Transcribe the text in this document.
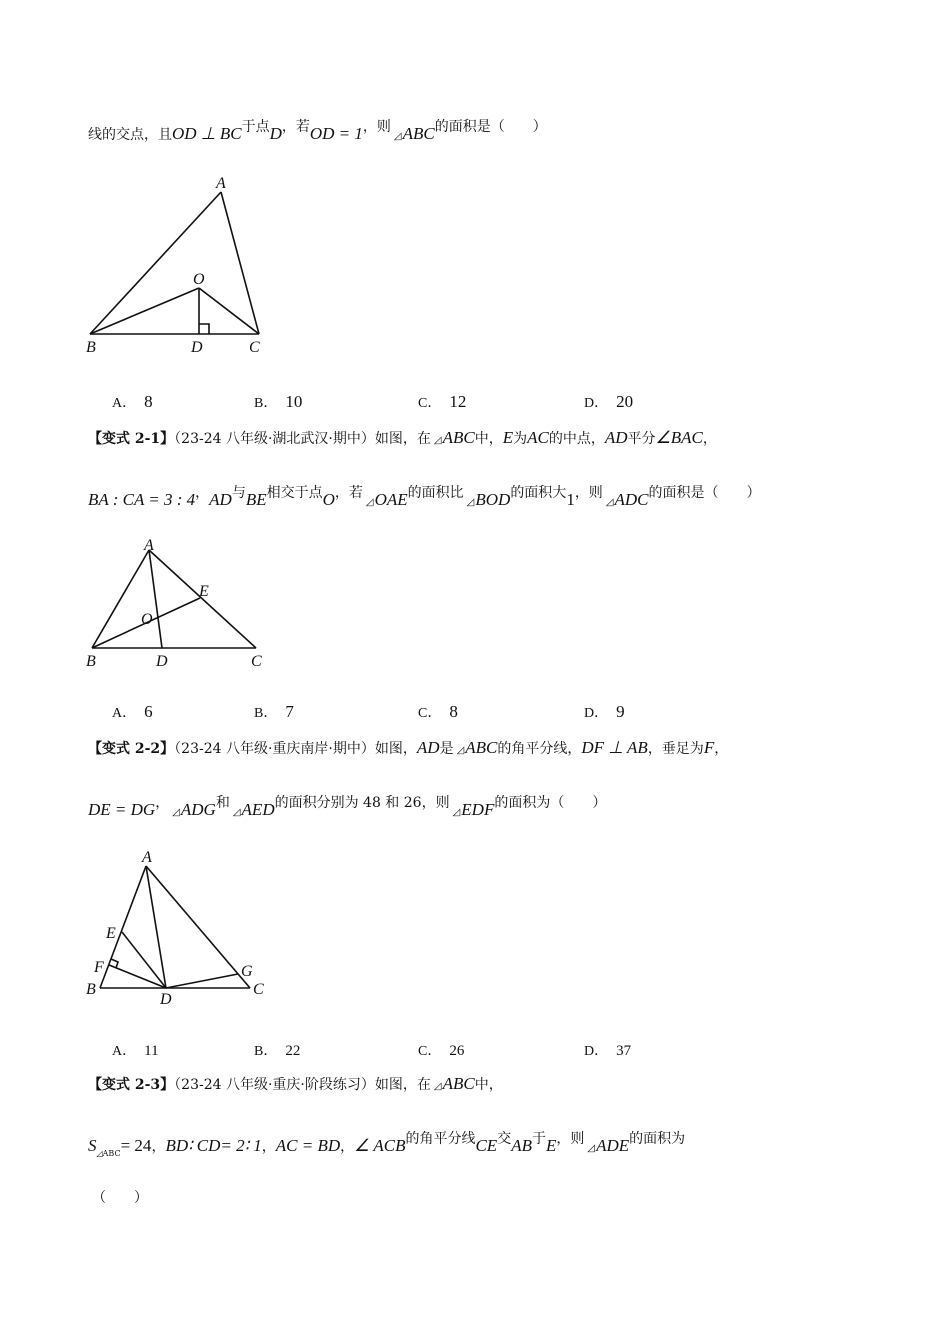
线的交点，且OD ⊥ BC于点D，若OD = 1，则◿ABC的面积是（　　）
A
O
B	D	C
A． 8	B． 10	C． 12	D． 20
【变式 2-1】（23-24 八年级·湖北武汉·期中）如图，在 ◿ABC中，E为AC的中点，AD平分∠BAC，
BA : CA = 3 : 4，AD与BE相交于点O，若◿OAE的面积比◿BOD的面积大1，则◿ADC的面积是（　　）
A
E
O
B	D	C
A． 6	B． 7	C． 8	D． 9
【变式 2-2】（23-24 八年级·重庆南岸·期中）如图，AD是 ◿ABC的角平分线，DF ⊥ AB，垂足为F，
DE = DG，◿ADG和◿AED的面积分别为 48 和 26，则◿EDF的面积为（　　）
A
E
F
B
D
G
C
A． 11	B． 22	C． 26	D． 37
【变式 2-3】（23-24 八年级·重庆·阶段练习）如图，在 ◿ABC中，
$S_{◿ABC}= 24$，BD∶ CD= 2∶ 1，AC = BD，∠ ACB的角平分线CE交AB于E，则◿ADE的面积为
（　　）
